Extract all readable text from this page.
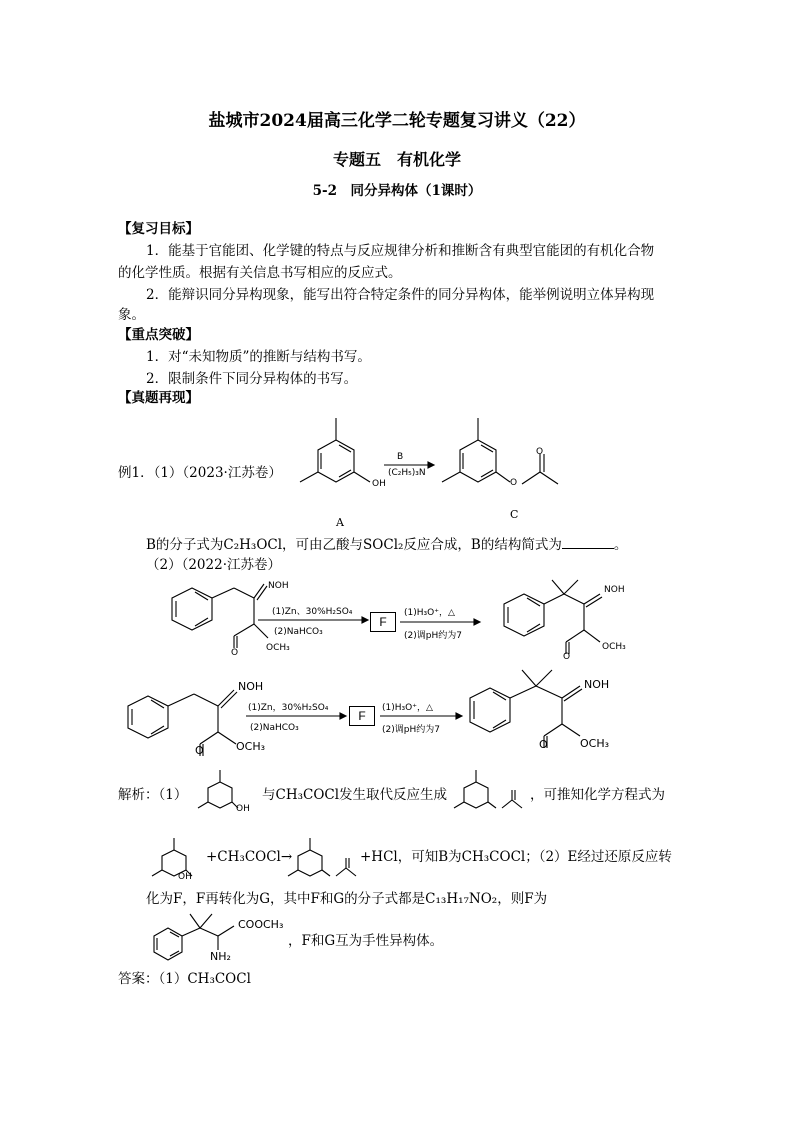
盐城市2024届高三化学二轮专题复习讲义（22）
专题五　有机化学
5-2　同分异构体（1课时）
【复习目标】
1．能基于官能团、化学键的特点与反应规律分析和推断含有典型官能团的有机化合物
的化学性质。根据有关信息书写相应的反应式。
2．能辩识同分异构现象，能写出符合特定条件的同分异构体，能举例说明立体异构现
象。
【重点突破】
1．对“未知物质”的推断与结构书写。
2．限制条件下同分异构体的书写。
【真题再现】
例1．（1）（2023·江苏卷）
OH
A
B
(C₂H₅)₃N
O
O
C
B的分子式为C₂H₃OCl，可由乙酸与SOCl₂反应合成，B的结构简式为	。
（2）（2022·江苏卷）
NOH
O	OCH₃
(1)Zn、30%H₂SO₄
(2)NaHCO₃
F
(1)H₃O⁺，△
(2)调pH约为7
NOH
O
OCH₃
NOH
O	OCH₃
(1)Zn，30%H₂SO₄
(2)NaHCO₃
F
(1)H₃O⁺，△
(2)调pH约为7
NOH
O	OCH₃
解析：（1）
OH
与CH₃COCl发生取代反应生成	，可推知化学方程式为
OH
+CH₃COCl→	+HCl，可知B为CH₃COCl；（2）E经过还原反应转
化为F，F再转化为G，其中F和G的分子式都是C₁₃H₁₇NO₂，则F为
COOCH₃
NH₂
，F和G互为手性异构体。
答案：（1）CH₃COCl
